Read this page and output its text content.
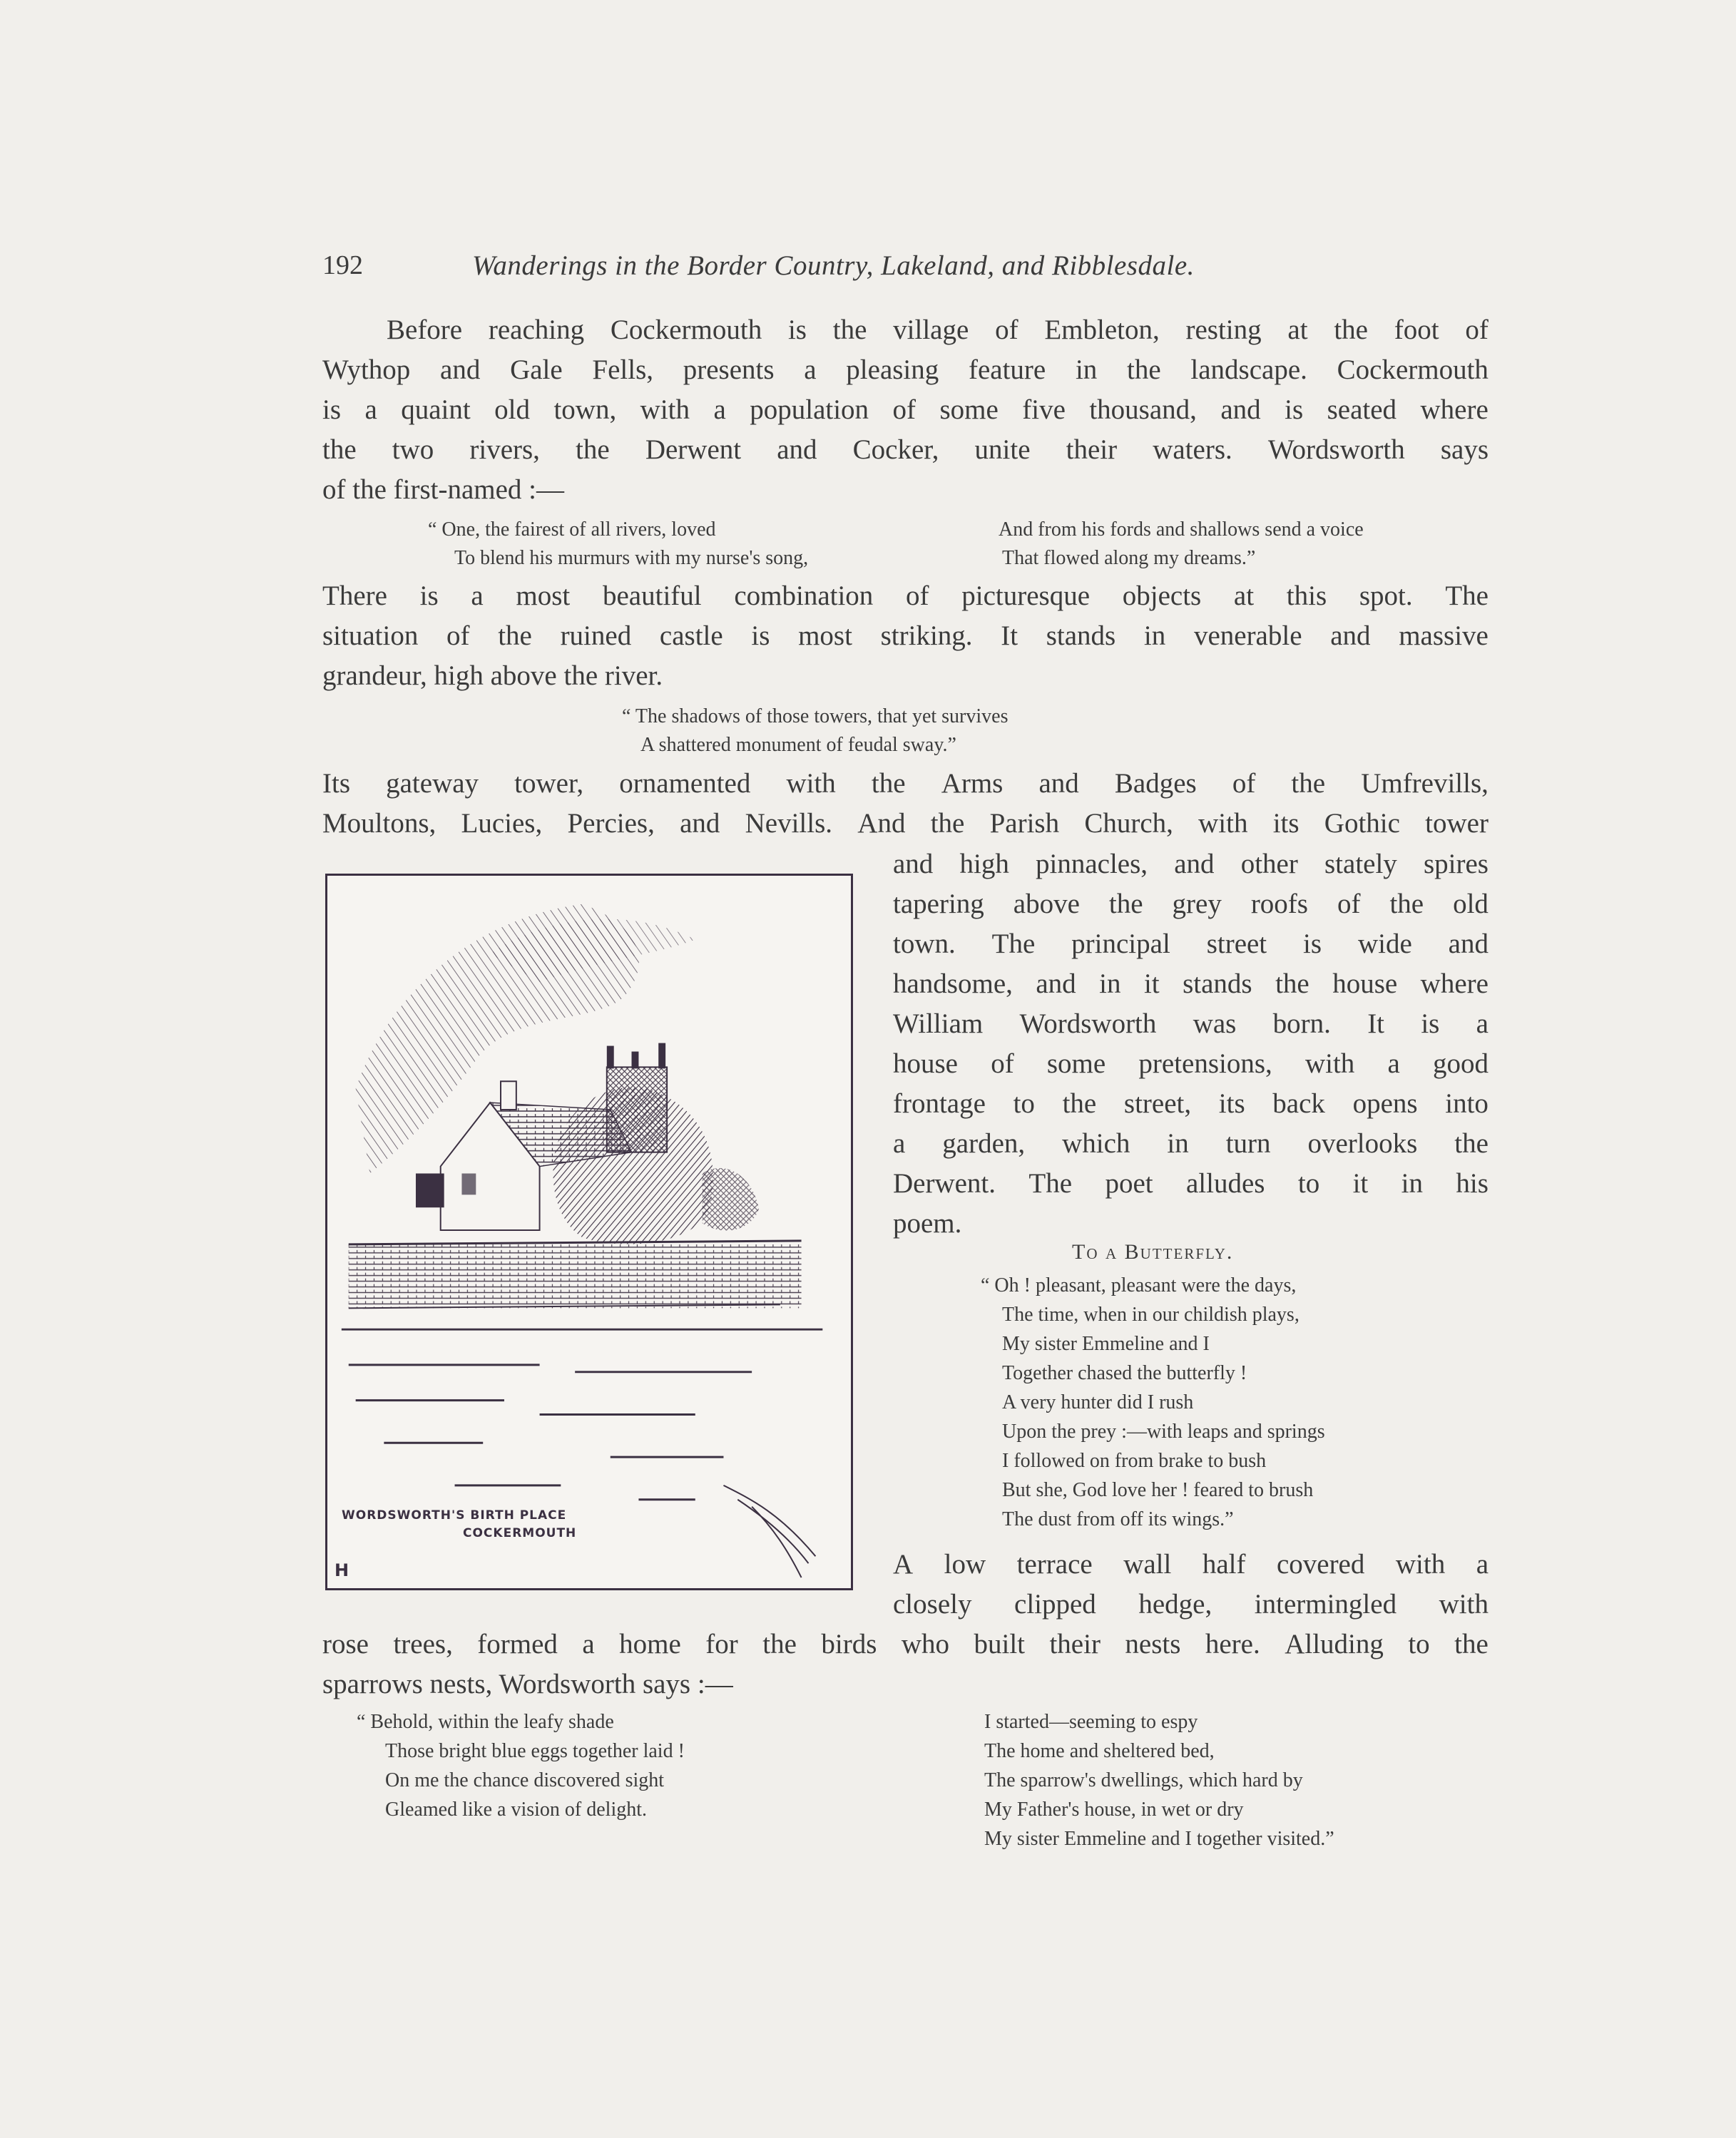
192	Wanderings in the Border Country, Lakeland, and Ribblesdale.
Before reaching Cockermouth is the village of Embleton, resting at the foot of
Wythop and Gale Fells, presents a pleasing feature in the landscape. Cockermouth
is a quaint old town, with a population of some five thousand, and is seated where
the two rivers, the Derwent and Cocker, unite their waters. Wordsworth says
of the first-named :—
“ One, the fairest of all rivers, loved
To blend his murmurs with my nurse's song,
And from his fords and shallows send a voice
That flowed along my dreams.”
There is a most beautiful combination of picturesque objects at this spot. The
situation of the ruined castle is most striking. It stands in venerable and massive
grandeur, high above the river.
“ The shadows of those towers, that yet survives
A shattered monument of feudal sway.”
Its gateway tower, ornamented with the Arms and Badges of the Umfrevills,
Moultons, Lucies, Percies, and Nevills. And the Parish Church, with its Gothic tower
and high pinnacles, and other stately spires
tapering above the grey roofs of the old
town. The principal street is wide and
handsome, and in it stands the house where
William Wordsworth was born. It is a
house of some pretensions, with a good
frontage to the street, its back opens into
a garden, which in turn overlooks the
Derwent. The poet alludes to it in his
poem.
To a Butterfly.
“ Oh ! pleasant, pleasant were the days,
The time, when in our childish plays,
My sister Emmeline and I
Together chased the butterfly !
A very hunter did I rush
Upon the prey :—with leaps and springs
I followed on from brake to bush
But she, God love her ! feared to brush
The dust from off its wings.”
A low terrace wall half covered with a
closely clipped hedge, intermingled with
rose trees, formed a home for the birds who built their nests here. Alluding to the
sparrows nests, Wordsworth says :—
“ Behold, within the leafy shade
Those bright blue eggs together laid !
On me the chance discovered sight
Gleamed like a vision of delight.
I started—seeming to espy
The home and sheltered bed,
The sparrow's dwellings, which hard by
My Father's house, in wet or dry
My sister Emmeline and I together visited.”
WORDSWORTH'S BIRTH PLACE
COCKERMOUTH
H
